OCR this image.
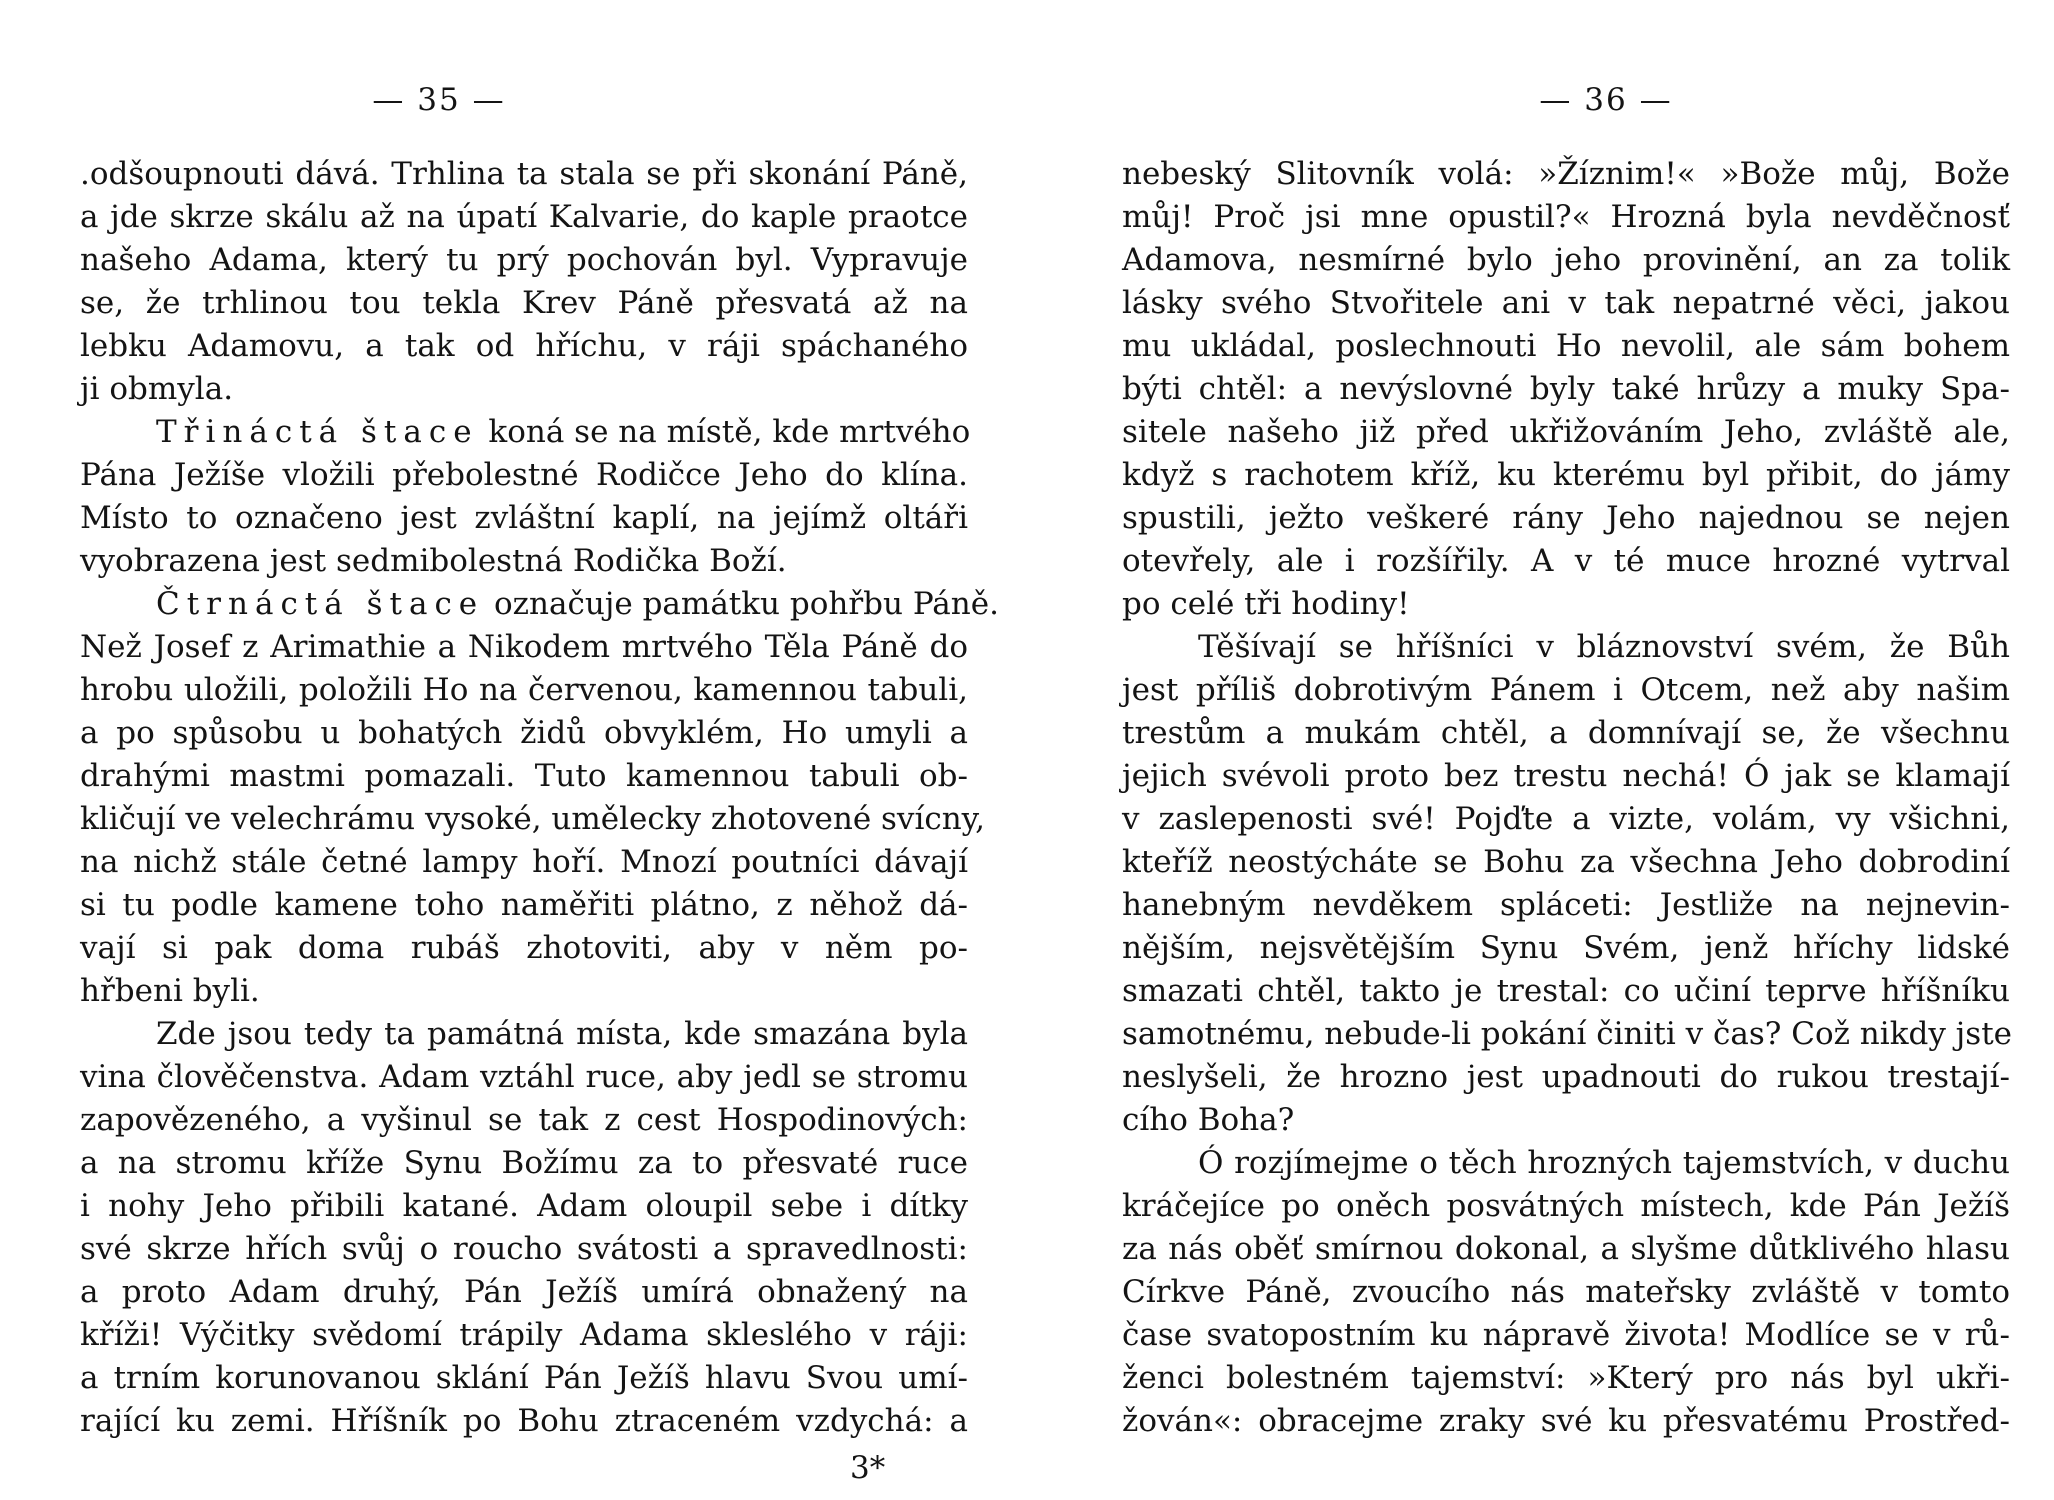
— 35 —
.odšoupnouti dává. Trhlina ta stala se při skonání Páně,
a jde skrze skálu až na úpatí Kalvarie, do kaple praotce
našeho Adama, který tu prý pochován byl. Vypravuje
se, že trhlinou tou tekla Krev Páně přesvatá až na
lebku Adamovu, a tak od hříchu, v ráji spáchaného
ji obmyla.
Třináctá štace koná se na místě, kde mrtvého
Pána Ježíše vložili přebolestné Rodičce Jeho do klína.
Místo to označeno jest zvláštní kaplí, na jejímž oltáři
vyobrazena jest sedmibolestná Rodička Boží.
Čtrnáctá štace označuje památku pohřbu Páně.
Než Josef z Arimathie a Nikodem mrtvého Těla Páně do
hrobu uložili, položili Ho na červenou, kamennou tabuli,
a po spůsobu u bohatých židů obvyklém, Ho umyli a
drahými mastmi pomazali. Tuto kamennou tabuli ob-
kličují ve velechrámu vysoké, umělecky zhotovené svícny,
na nichž stále četné lampy hoří. Mnozí poutníci dávají
si tu podle kamene toho naměřiti plátno, z něhož dá-
vají si pak doma rubáš zhotoviti, aby v něm po-
hřbeni byli.
Zde jsou tedy ta památná místa, kde smazána byla
vina člověčenstva. Adam vztáhl ruce, aby jedl se stromu
zapovězeného, a vyšinul se tak z cest Hospodinových:
a na stromu kříže Synu Božímu za to přesvaté ruce
i nohy Jeho přibili katané. Adam oloupil sebe i dítky
své skrze hřích svůj o roucho svátosti a spravedlnosti:
a proto Adam druhý, Pán Ježíš umírá obnažený na
kříži! Výčitky svědomí trápily Adama skleslého v ráji:
a trním korunovanou sklání Pán Ježíš hlavu Svou umí-
rající ku zemi. Hříšník po Bohu ztraceném vzdychá: a
3*
— 36 —
nebeský Slitovník volá: »Žíznim!« »Bože můj, Bože
můj! Proč jsi mne opustil?« Hrozná byla nevděčnosť
Adamova, nesmírné bylo jeho provinění, an za tolik
lásky svého Stvořitele ani v tak nepatrné věci, jakou
mu ukládal, poslechnouti Ho nevolil, ale sám bohem
býti chtěl: a nevýslovné byly také hrůzy a muky Spa-
sitele našeho již před ukřižováním Jeho, zvláště ale,
když s rachotem kříž, ku kterému byl přibit, do jámy
spustili, ježto veškeré rány Jeho najednou se nejen
otevřely, ale i rozšířily. A v té muce hrozné vytrval
po celé tři hodiny!
Těšívají se hříšníci v bláznovství svém, že Bůh
jest příliš dobrotivým Pánem i Otcem, než aby našim
trestům a mukám chtěl, a domnívají se, že všechnu
jejich svévoli proto bez trestu nechá! Ó jak se klamají
v zaslepenosti své! Pojďte a vizte, volám, vy všichni,
kteříž neostýcháte se Bohu za všechna Jeho dobrodiní
hanebným nevděkem spláceti: Jestliže na nejnevin-
nějším, nejsvětějším Synu Svém, jenž hříchy lidské
smazati chtěl, takto je trestal: co učiní teprve hříšníku
samotnému, nebude-li pokání činiti v čas? Což nikdy jste
neslyšeli, že hrozno jest upadnouti do rukou trestají-
cího Boha?
Ó rozjímejme o těch hrozných tajemstvích, v duchu
kráčejíce po oněch posvátných místech, kde Pán Ježíš
za nás oběť smírnou dokonal, a slyšme důtklivého hlasu
Církve Páně, zvoucího nás mateřsky zvláště v tomto
čase svatopostním ku nápravě života! Modlíce se v rů-
ženci bolestném tajemství: »Který pro nás byl ukři-
žován«: obracejme zraky své ku přesvatému Prostřed-
